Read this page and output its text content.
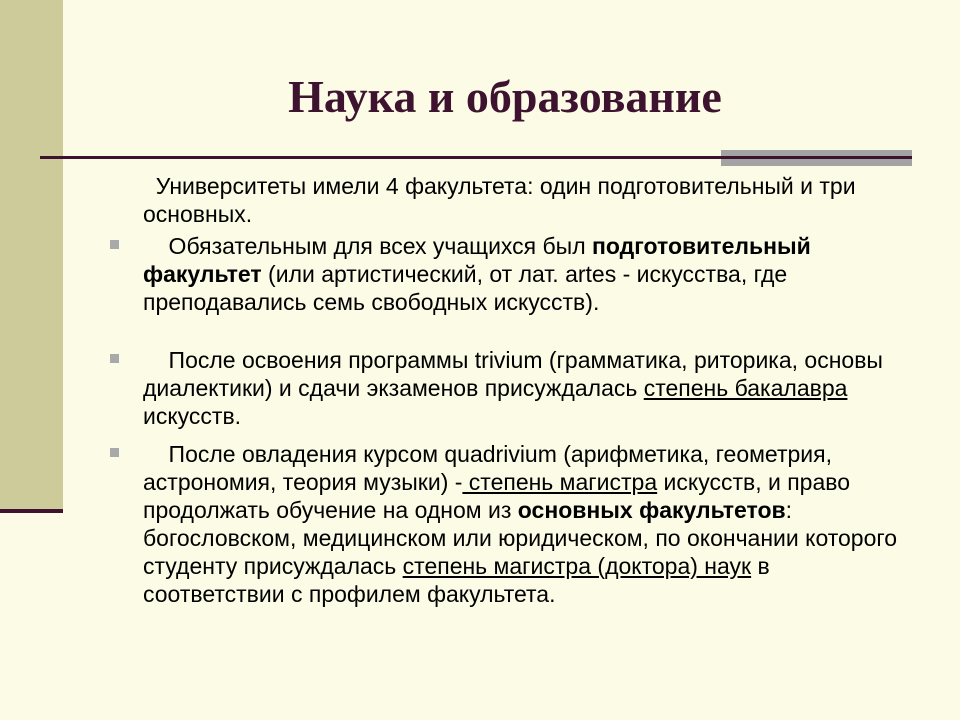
Наука и образование

Университеты имели 4 факультета: один подготовительный и три основных.

Обязательным для всех учащихся был подготовительный факультет (или артистический, от лат. artes - искусства, где преподавались семь свободных искусств).

После освоения программы trivium (грамматика, риторика, основы диалектики) и сдачи экзаменов присуждалась степень бакалавра искусств.

После овладения курсом quadrivium (арифметика, геометрия, астрономия, теория музыки) - степень магистра искусств, и право продолжать обучение на одном из основных факультетов: богословском, медицинском или юридическом, по окончании которого студенту присуждалась степень магистра (доктора) наук в соответствии с профилем факультета.
